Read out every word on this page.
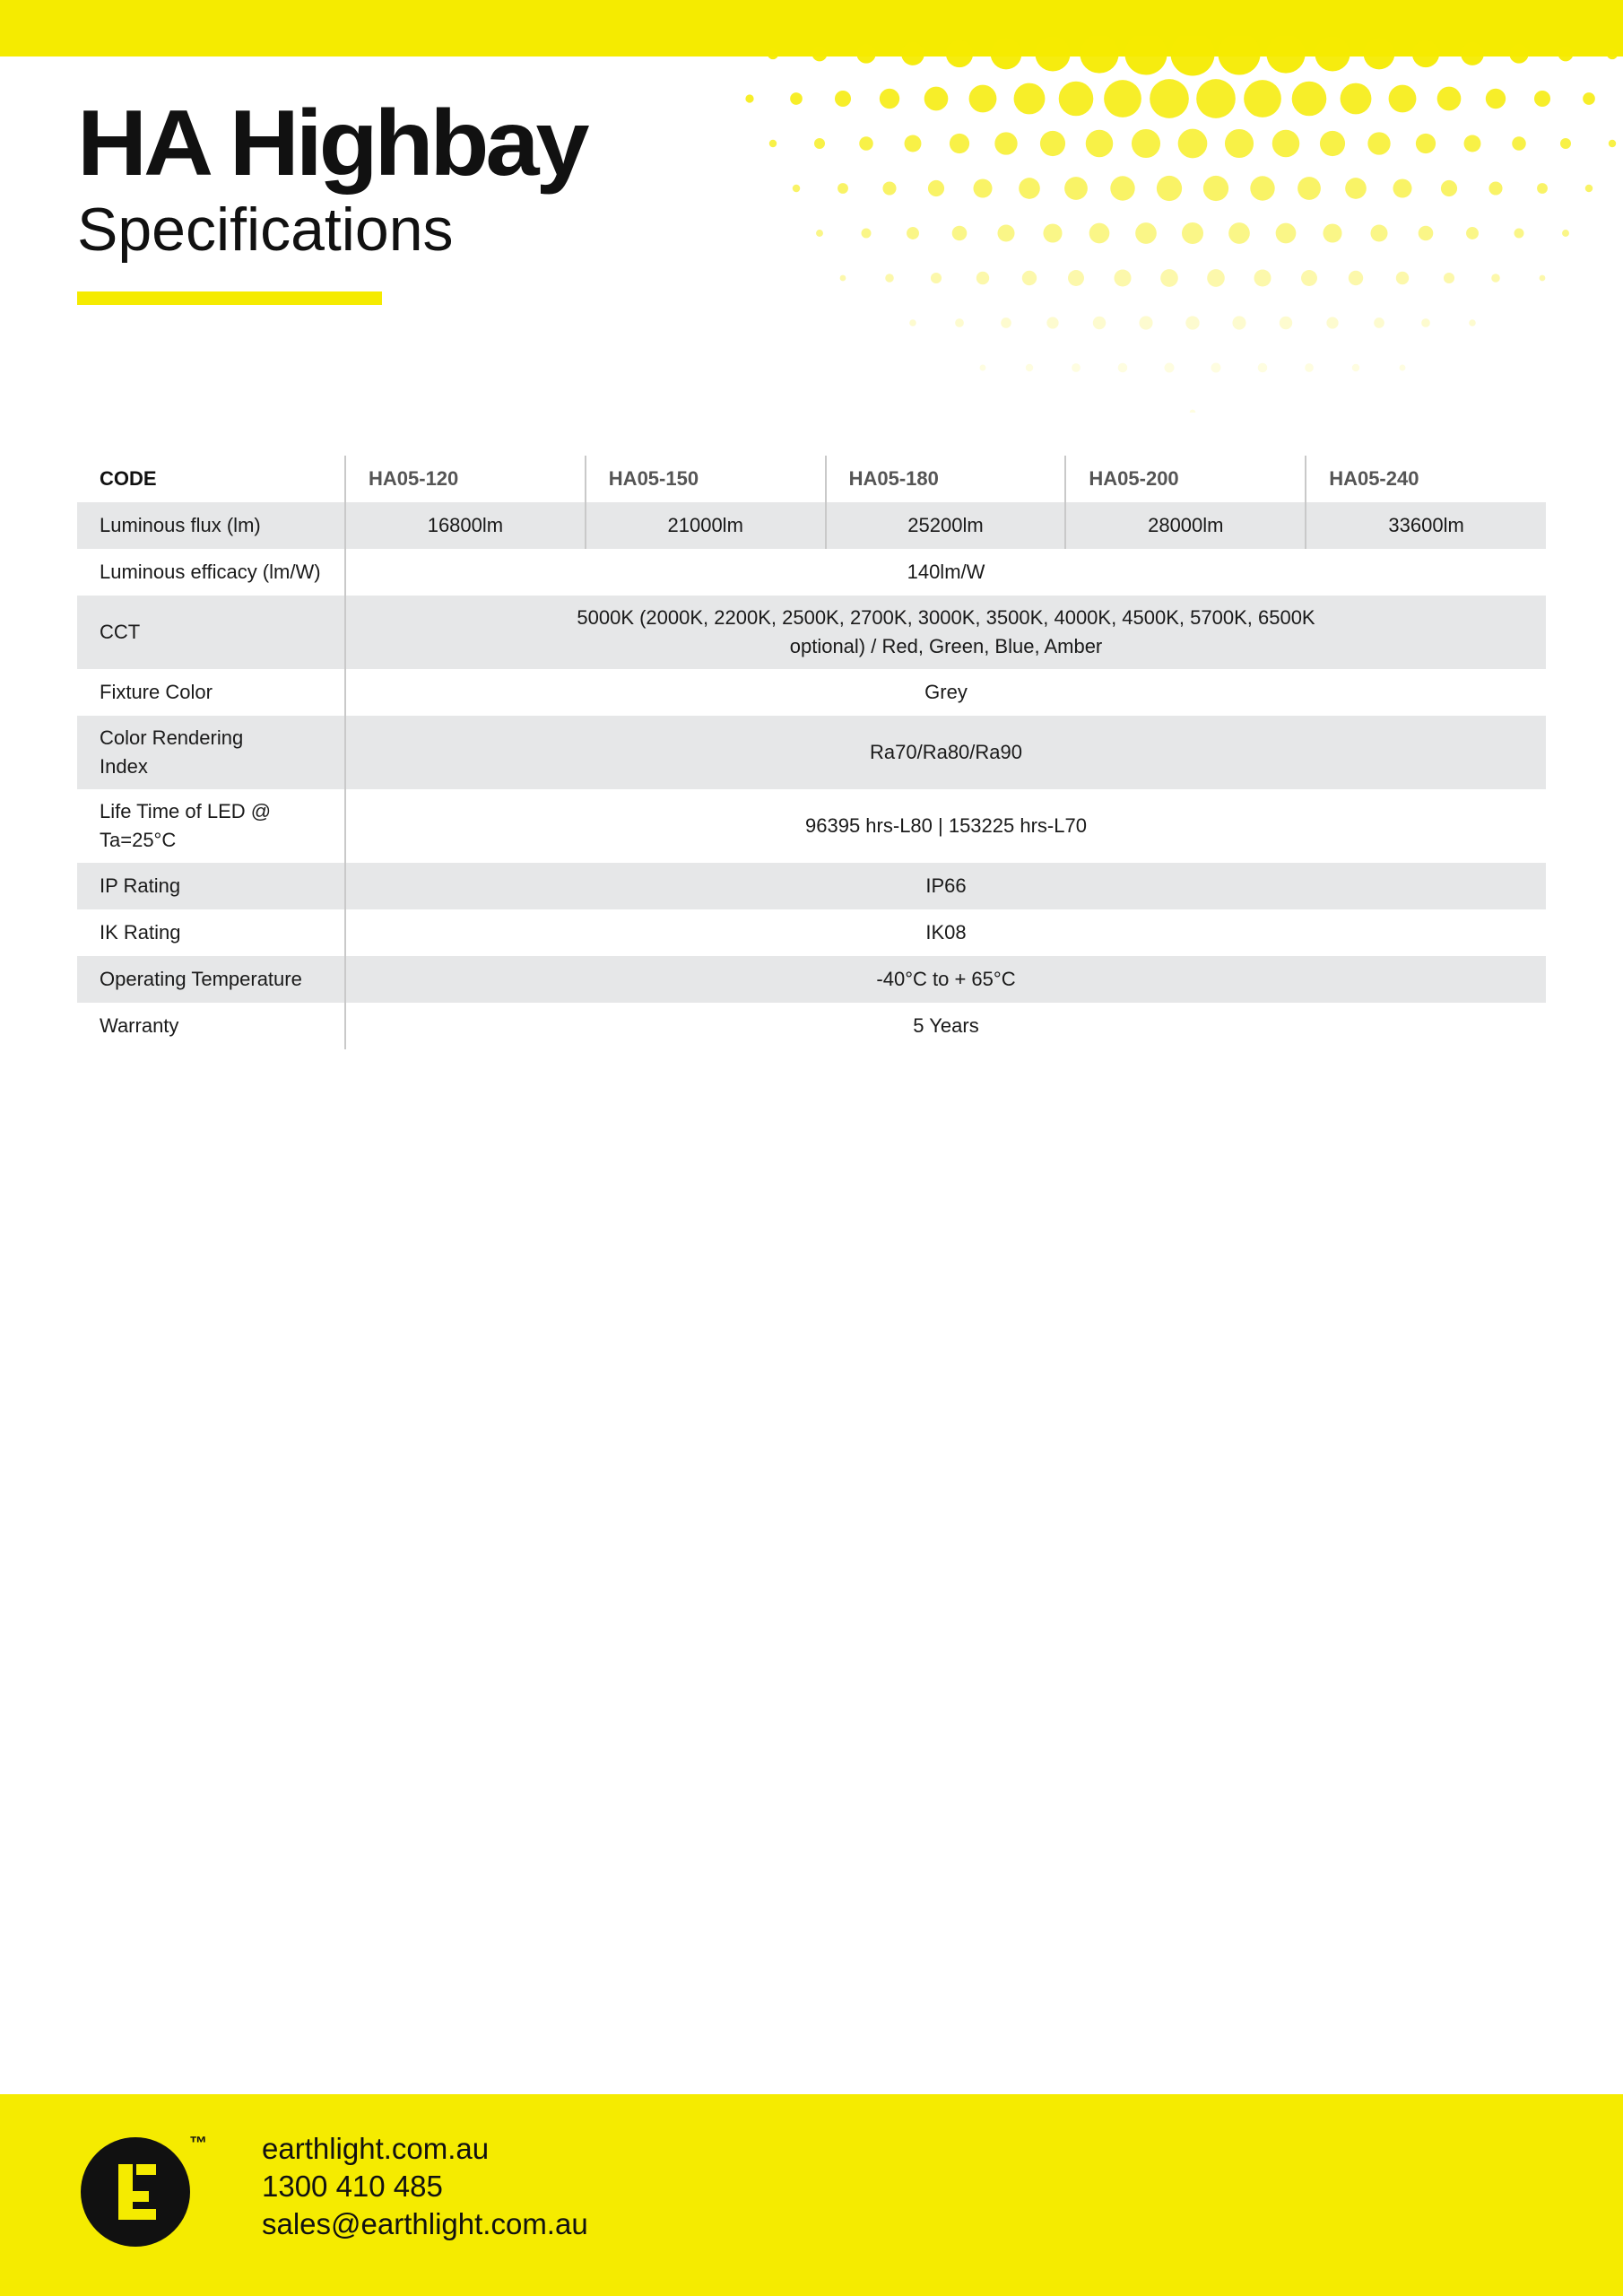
HA Highbay
Specifications
CODE	HA05-120	HA05-150	HA05-180	HA05-200	HA05-240
Luminous flux (lm)	16800lm	21000lm	25200lm	28000lm	33600lm
Luminous efficacy (lm/W)	140lm/W				
CCT	5000K (2000K, 2200K, 2500K, 2700K, 3000K, 3500K, 4000K, 4500K, 5700K, 6500K optional) / Red, Green, Blue, Amber				
Fixture Color	Grey				
Color Rendering Index	Ra70/Ra80/Ra90				
Life Time of LED @ Ta=25°C	96395 hrs-L80 | 153225 hrs-L70				
IP Rating	IP66				
IK Rating	IK08				
Operating Temperature	-40°C to + 65°C				
Warranty	5 Years				
™ earthlight.com.au
1300 410 485
sales@earthlight.com.au
